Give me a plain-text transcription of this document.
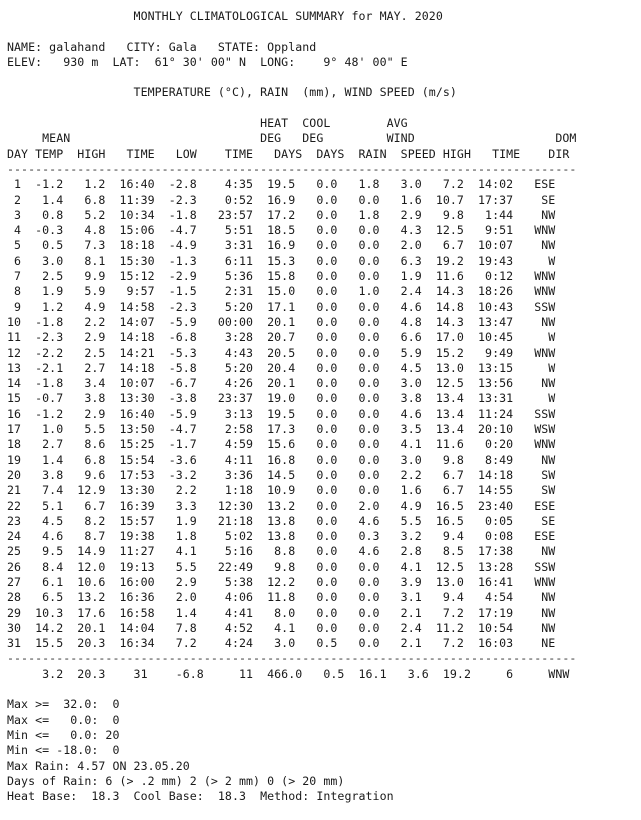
MONTHLY CLIMATOLOGICAL SUMMARY for MAY. 2020

NAME: galahand   CITY: Gala   STATE: Oppland
ELEV:   930 m  LAT:  61° 30' 00" N  LONG:    9° 48' 00" E

TEMPERATURE (°C), RAIN  (mm), WIND SPEED (m/s)

HEAT  COOL        AVG
MEAN                           DEG   DEG         WIND                    DOM
DAY TEMP  HIGH   TIME   LOW    TIME   DAYS  DAYS  RAIN  SPEED HIGH   TIME    DIR
---------------------------------------------------------------------------------
1  -1.2   1.2  16:40  -2.8    4:35  19.5   0.0   1.8   3.0   7.2  14:02   ESE
2   1.4   6.8  11:39  -2.3    0:52  16.9   0.0   0.0   1.6  10.7  17:37    SE
3   0.8   5.2  10:34  -1.8   23:57  17.2   0.0   1.8   2.9   9.8   1:44    NW
4  -0.3   4.8  15:06  -4.7    5:51  18.5   0.0   0.0   4.3  12.5   9:51   WNW
5   0.5   7.3  18:18  -4.9    3:31  16.9   0.0   0.0   2.0   6.7  10:07    NW
6   3.0   8.1  15:30  -1.3    6:11  15.3   0.0   0.0   6.3  19.2  19:43     W
7   2.5   9.9  15:12  -2.9    5:36  15.8   0.0   0.0   1.9  11.6   0:12   WNW
8   1.9   5.9   9:57  -1.5    2:31  15.0   0.0   1.0   2.4  14.3  18:26   WNW
9   1.2   4.9  14:58  -2.3    5:20  17.1   0.0   0.0   4.6  14.8  10:43   SSW
10  -1.8   2.2  14:07  -5.9   00:00  20.1   0.0   0.0   4.8  14.3  13:47    NW
11  -2.3   2.9  14:18  -6.8    3:28  20.7   0.0   0.0   6.6  17.0  10:45     W
12  -2.2   2.5  14:21  -5.3    4:43  20.5   0.0   0.0   5.9  15.2   9:49   WNW
13  -2.1   2.7  14:18  -5.8    5:20  20.4   0.0   0.0   4.5  13.0  13:15     W
14  -1.8   3.4  10:07  -6.7    4:26  20.1   0.0   0.0   3.0  12.5  13:56    NW
15  -0.7   3.8  13:30  -3.8   23:37  19.0   0.0   0.0   3.8  13.4  13:31     W
16  -1.2   2.9  16:40  -5.9    3:13  19.5   0.0   0.0   4.6  13.4  11:24   SSW
17   1.0   5.5  13:50  -4.7    2:58  17.3   0.0   0.0   3.5  13.4  20:10   WSW
18   2.7   8.6  15:25  -1.7    4:59  15.6   0.0   0.0   4.1  11.6   0:20   WNW
19   1.4   6.8  15:54  -3.6    4:11  16.8   0.0   0.0   3.0   9.8   8:49    NW
20   3.8   9.6  17:53  -3.2    3:36  14.5   0.0   0.0   2.2   6.7  14:18    SW
21   7.4  12.9  13:30   2.2    1:18  10.9   0.0   0.0   1.6   6.7  14:55    SW
22   5.1   6.7  16:39   3.3   12:30  13.2   0.0   2.0   4.9  16.5  23:40   ESE
23   4.5   8.2  15:57   1.9   21:18  13.8   0.0   4.6   5.5  16.5   0:05    SE
24   4.6   8.7  19:38   1.8    5:02  13.8   0.0   0.3   3.2   9.4   0:08   ESE
25   9.5  14.9  11:27   4.1    5:16   8.8   0.0   4.6   2.8   8.5  17:38    NW
26   8.4  12.0  19:13   5.5   22:49   9.8   0.0   0.0   4.1  12.5  13:28   SSW
27   6.1  10.6  16:00   2.9    5:38  12.2   0.0   0.0   3.9  13.0  16:41   WNW
28   6.5  13.2  16:36   2.0    4:06  11.8   0.0   0.0   3.1   9.4   4:54    NW
29  10.3  17.6  16:58   1.4    4:41   8.0   0.0   0.0   2.1   7.2  17:19    NW
30  14.2  20.1  14:04   7.8    4:52   4.1   0.0   0.0   2.4  11.2  10:54    NW
31  15.5  20.3  16:34   7.2    4:24   3.0   0.5   0.0   2.1   7.2  16:03    NE
---------------------------------------------------------------------------------
3.2  20.3    31    -6.8     11  466.0   0.5  16.1   3.6  19.2     6     WNW

Max >=  32.0:  0
Max <=   0.0:  0
Min <=   0.0: 20
Min <= -18.0:  0
Max Rain: 4.57 ON 23.05.20
Days of Rain: 6 (> .2 mm) 2 (> 2 mm) 0 (> 20 mm)
Heat Base:  18.3  Cool Base:  18.3  Method: Integration
